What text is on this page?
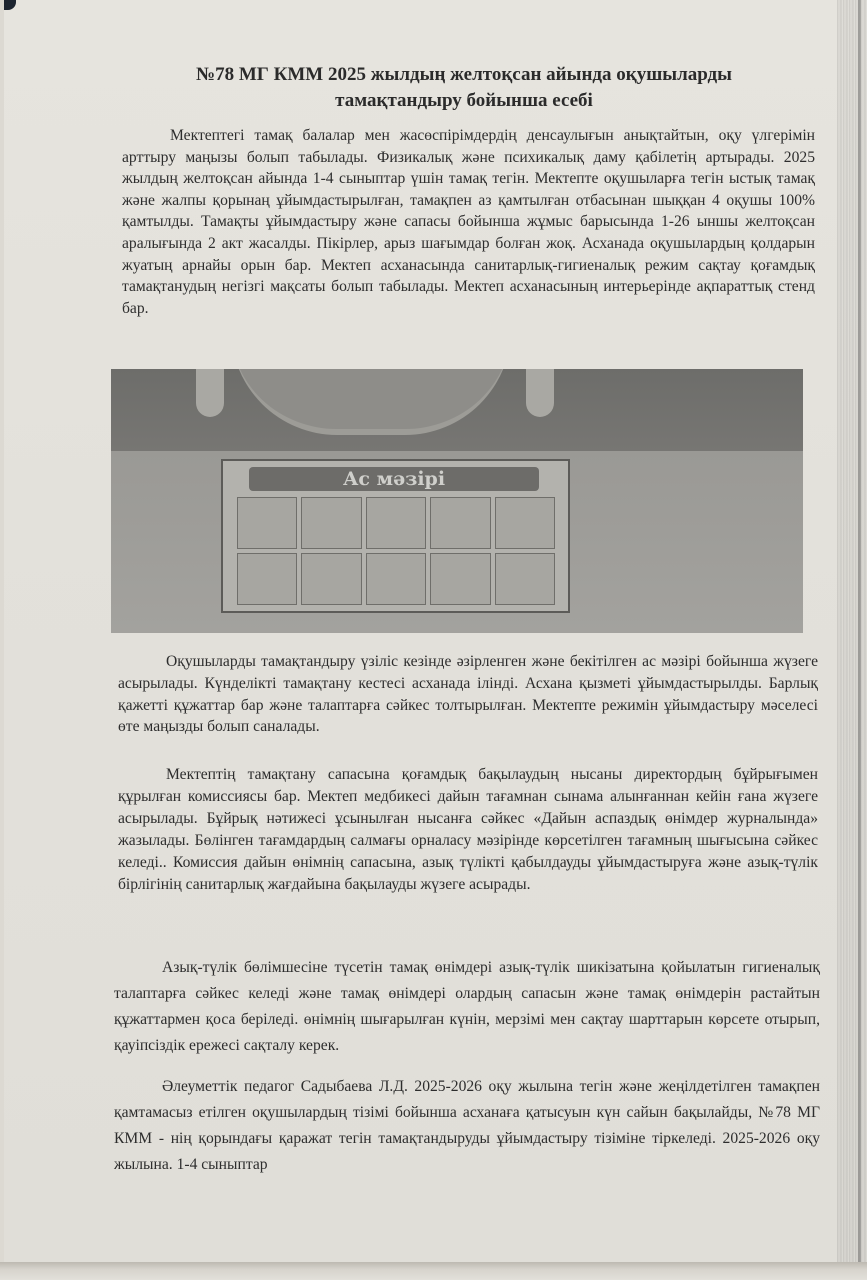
№78 МГ КММ 2025 жылдың желтоқсан айында оқушыларды
тамақтандыру бойынша есебі
Мектептегі тамақ балалар мен жасөспірімдердің денсаулығын анықтайтын, оқу үлгерімін арттыру маңызы болып табылады. Физикалық және психикалық даму қабілетің артырады. 2025 жылдың желтоқсан айында 1-4 сыныптар үшін тамақ тегін. Мектепте оқушыларға тегін ыстық тамақ және жалпы қорынаң ұйымдастырылған, тамақпен аз қамтылған отбасынан шыққан 4 оқушы 100% қамтылды. Тамақты ұйымдастыру және сапасы бойынша жұмыс барысында 1-26 ыншы желтоқсан аралығында 2 акт жасалды. Пікірлер, арыз шағымдар болған жоқ. Асханада оқушылардың қолдарын жуатың арнайы орын бар. Мектеп асханасында санитарлық-гигиеналық режим сақтау қоғамдық тамақтанудың негізгі мақсаты болып табылады. Мектеп асханасының интерьерінде ақпараттық стенд бар.
Ас мәзірі
Оқушыларды тамақтандыру үзіліс кезінде әзірленген және бекітілген ас мәзірі бойынша жүзеге асырылады. Күнделікті тамақтану кестесі асханада ілінді. Асхана қызметі ұйымдастырылды. Барлық қажетті құжаттар бар және талаптарға сәйкес толтырылған. Мектепте режимін ұйымдастыру мәселесі өте маңызды болып саналады.
Мектептің тамақтану сапасына қоғамдық бақылаудың нысаны директордың бұйрығымен құрылған комиссиясы бар. Мектеп медбикесі дайын тағамнан сынама алынғаннан кейін ғана жүзеге асырылады. Бұйрық нәтижесі ұсынылған нысанға сәйкес «Дайын аспаздық өнімдер журналында» жазылады. Бөлінген тағамдардың салмағы орналасу мәзірінде көрсетілген тағамның шығысына сәйкес келеді.. Комиссия дайын өнімнің сапасына, азық түлікті қабылдауды ұйымдастыруға және азық-түлік бірлігінің санитарлық жағдайына бақылауды жүзеге асырады.
Азық-түлік бөлімшесіне түсетін тамақ өнімдері азық-түлік шикізатына қойылатын гигиеналық талаптарға сәйкес келеді және тамақ өнімдері олардың сапасын және тамақ өнімдерін растайтын құжаттармен қоса беріледі. өнімнің шығарылған күнін, мерзімі мен сақтау шарттарын көрсете отырып, қауіпсіздік ережесі сақталу керек.
Әлеуметтік педагог Садыбаева Л.Д. 2025-2026 оқу жылына тегін және жеңілдетілген тамақпен қамтамасыз етілген оқушылардың тізімі бойынша асханаға қатысуын күн сайын бақылайды, №78 МГ КММ - нің қорындағы қаражат тегін тамақтандыруды ұйымдастыру тізіміне тіркеледі. 2025-2026 оқу жылына. 1-4 сыныптар
